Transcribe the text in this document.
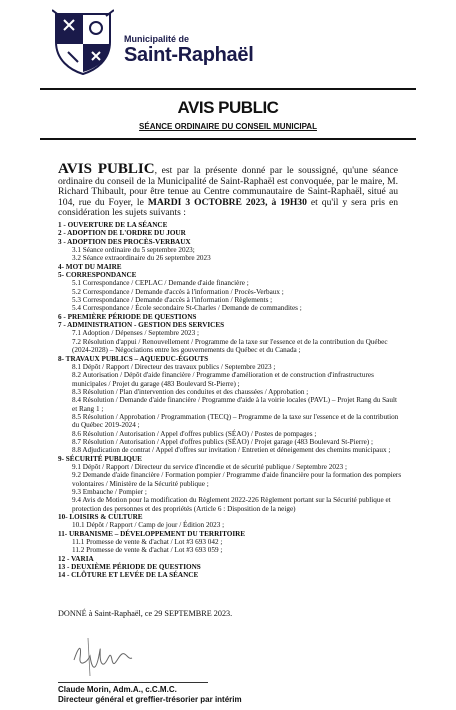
Municipalité de
Saint-Raphaël
AVIS PUBLIC
SÉANCE ORDINAIRE DU CONSEIL MUNICIPAL
AVIS PUBLIC, est par la présente donné par le soussigné, qu'une séance ordinaire du conseil de la Municipalité de Saint-Raphaël est convoquée, par le maire, M. Richard Thibault, pour être tenue au Centre communautaire de Saint-Raphaël, situé au 104, rue du Foyer, le MARDI 3 OCTOBRE 2023, à 19H30 et qu'il y sera pris en considération les sujets suivants :
1 - OUVERTURE DE LA SÉANCE
2 - ADOPTION DE L'ORDRE DU JOUR
3 - ADOPTION DES PROCÈS-VERBAUX
3.1 Séance ordinaire du 5 septembre 2023;
3.2 Séance extraordinaire du 26 septembre 2023
4- MOT DU MAIRE
5- CORRESPONDANCE
5.1 Correspondance / CEPLAC / Demande d'aide financière ;
5.2 Correspondance / Demande d'accès à l'information / Procès-Verbaux ;
5.3 Correspondance / Demande d'accès à l'information / Règlements ;
5.4 Correspondance / École secondaire St-Charles / Demande de commandites ;
6 - PREMIÈRE PÉRIODE DE QUESTIONS
7 - ADMINISTRATION - GESTION DES SERVICES
7.1 Adoption / Dépenses / Septembre 2023 ;
7.2 Résolution d'appui / Renouvellement / Programme de la taxe sur l'essence et de la contribution du Québec (2024-2028) – Négociations entre les gouvernements du Québec et du Canada ;
8- TRAVAUX PUBLICS – AQUEDUC-ÉGOUTS
8.1 Dépôt / Rapport / Directeur des travaux publics / Septembre 2023 ;
8.2 Autorisation / Dépôt d'aide financière / Programme d'amélioration et de construction d'infrastructures municipales / Projet du garage (483 Boulevard St-Pierre) ;
8.3 Résolution / Plan d'intervention des conduites et des chaussées / Approbation ;
8.4 Résolution / Demande d'aide financière / Programme d'aide à la voirie locales (PAVL) – Projet Rang du Sault et Rang 1 ;
8.5 Résolution / Approbation / Programmation (TECQ) – Programme de la taxe sur l'essence et de la contribution du Québec 2019-2024 ;
8.6 Résolution / Autorisation / Appel d'offres publics (SÉAO) / Postes de pompages ;
8.7 Résolution / Autorisation / Appel d'offres publics (SÉAO) / Projet garage (483 Boulevard St-Pierre) ;
8.8 Adjudication de contrat / Appel d'offres sur invitation / Entretien et déneigement des chemins municipaux ;
9- SÉCURITÉ PUBLIQUE
9.1 Dépôt / Rapport / Directeur du service d'incendie et de sécurité publique / Septembre 2023 ;
9.2 Demande d'aide financière / Formation pompier / Programme d'aide financière pour la formation des pompiers volontaires / Ministère de la Sécurité publique ;
9.3 Embauche / Pompier ;
9.4 Avis de Motion pour la modification du Règlement 2022-226 Règlement portant sur la Sécurité publique et protection des personnes et des propriétés (Article 6 : Disposition de la neige)
10- LOISIRS & CULTURE
10.1 Dépôt / Rapport / Camp de jour / Édition 2023 ;
11- URBANISME – DÉVELOPPEMENT DU TERRITOIRE
11.1 Promesse de vente & d'achat / Lot #3 693 042 ;
11.2 Promesse de vente & d'achat / Lot #3 693 059 ;
12 - VARIA
13 - DEUXIÈME PÉRIODE DE QUESTIONS
14 - CLÔTURE ET LEVÉE DE LA SÉANCE
DONNÉ à Saint-Raphaël, ce 29 SEPTEMBRE 2023.
Claude Morin, Adm.A., c.C.M.C.
Directeur général et greffier-trésorier par intérim
